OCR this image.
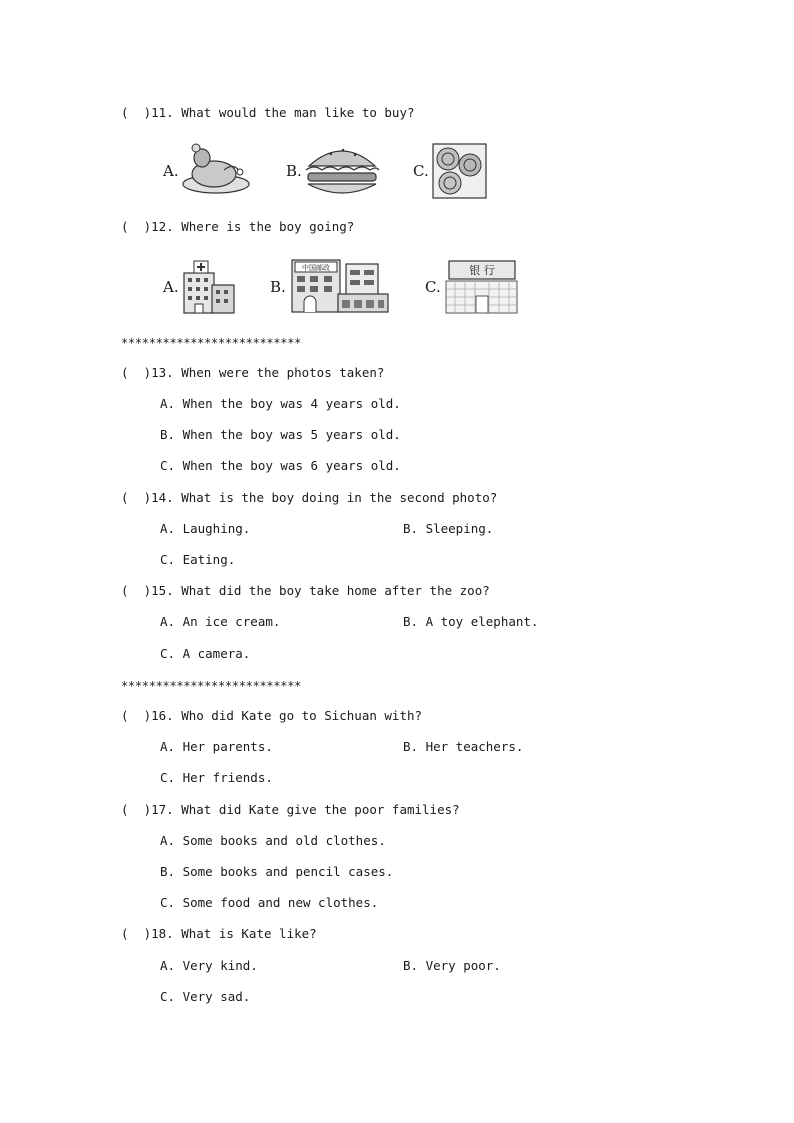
(  )11. What would the man like to buy?
A.	B.	C.
(  )12. Where is the boy going?
A.	B.
中国邮政
C.
银 行
**************************
(  )13. When were the photos taken?
A. When the boy was 4 years old.
B. When the boy was 5 years old.
C. When the boy was 6 years old.
(  )14. What is the boy doing in the second photo?
A. Laughing.	B. Sleeping.
C. Eating.
(  )15. What did the boy take home after the zoo?
A. An ice cream.	B. A toy elephant.
C. A camera.
**************************
(  )16. Who did Kate go to Sichuan with?
A. Her parents.	B. Her teachers.
C. Her friends.
(  )17. What did Kate give the poor families?
A. Some books and old clothes.
B. Some books and pencil cases.
C. Some food and new clothes.
(  )18. What is Kate like?
A. Very kind.	B. Very poor.
C. Very sad.
